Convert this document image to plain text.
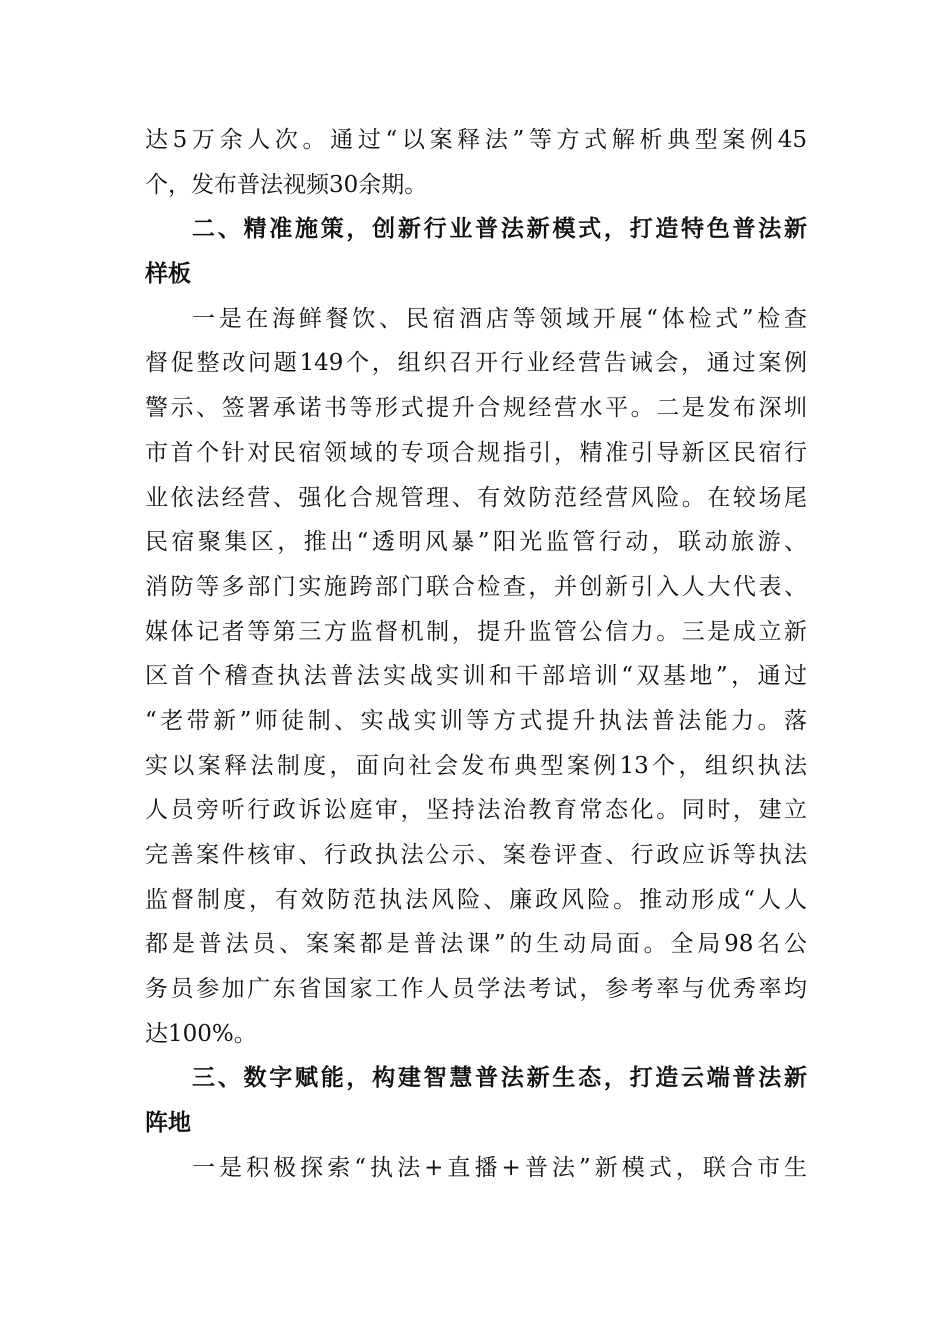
达5万余人次。通过“以案释法”等方式解析典型案例45
个，发布普法视频30余期。
二、精准施策，创新行业普法新模式，打造特色普法新
样板
一是在海鲜餐饮、民宿酒店等领域开展“体检式”检查
督促整改问题149个，组织召开行业经营告诫会，通过案例
警示、签署承诺书等形式提升合规经营水平。二是发布深圳
市首个针对民宿领域的专项合规指引，精准引导新区民宿行
业依法经营、强化合规管理、有效防范经营风险。在较场尾
民宿聚集区，推出“透明风暴”阳光监管行动，联动旅游、
消防等多部门实施跨部门联合检查，并创新引入人大代表、
媒体记者等第三方监督机制，提升监管公信力。三是成立新
区首个稽查执法普法实战实训和干部培训“双基地”，通过
“老带新”师徒制、实战实训等方式提升执法普法能力。落
实以案释法制度，面向社会发布典型案例13个，组织执法
人员旁听行政诉讼庭审，坚持法治教育常态化。同时，建立
完善案件核审、行政执法公示、案卷评查、行政应诉等执法
监督制度，有效防范执法风险、廉政风险。推动形成“人人
都是普法员、案案都是普法课”的生动局面。全局98名公
务员参加广东省国家工作人员学法考试，参考率与优秀率均
达100%。
三、数字赋能，构建智慧普法新生态，打造云端普法新
阵地
一是积极探索“执法+直播+普法”新模式，联合市生
